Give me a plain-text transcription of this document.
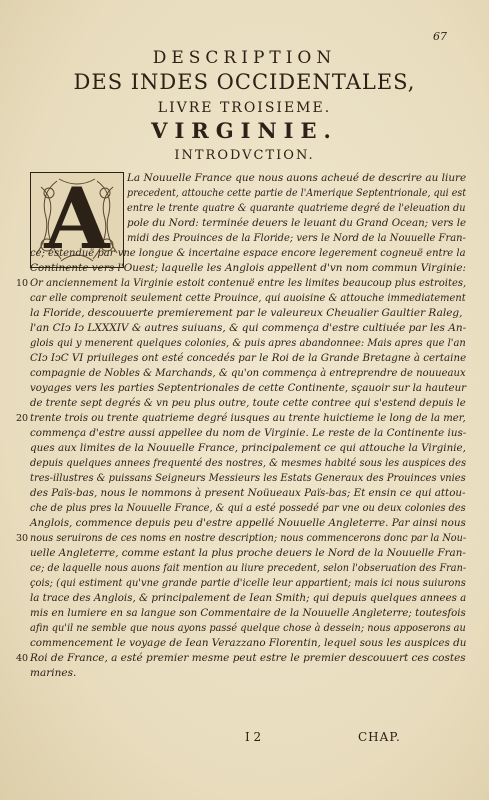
67
DESCRIPTION
DES INDES OCCIDENTALES,
LIVRE TROISIEME.
VIRGINIE.
INTRODVCTION.
A	La Nouuelle France que nous auons acheué de descrire au liure
precedent, attouche cette partie de l'Amerique Septentrionale, qui est
entre le trente quatre & quarante quatrieme degré de l'eleuation du
pole du Nord: terminée deuers le leuant du Grand Ocean; vers le
midi des Prouinces de la Floride; vers le Nord de la Nouuelle Fran-
ce; estenduë par vne longue & incertaine espace encore legerement cogneuë entre la
Continente vers l'Ouest; laquelle les Anglois appellent d'vn nom commun Virginie:
Or anciennement la Virginie estoit contenuë entre les limites beaucoup plus estroites,
car elle comprenoit seulement cette Prouince, qui auoisine & attouche immediatement
la Floride, descouuerte premierement par le valeureux Cheualier Gaultier Raleg,
l'an CIↄ Iↄ LXXXIV & autres suiuans, & qui commença d'estre cultiuée par les An-
glois qui y menerent quelques colonies, & puis apres abandonnee: Mais apres que l'an
CIↄ IↄC VI priuileges ont esté concedés par le Roi de la Grande Bretagne à certaine
compagnie de Nobles & Marchands, & qu'on commença à entreprendre de nouueaux
voyages vers les parties Septentrionales de cette Continente, sçauoir sur la hauteur
de trente sept degrés & vn peu plus outre, toute cette contree qui s'estend depuis le
trente trois ou trente quatrieme degré iusques au trente huictieme le long de la mer,
commença d'estre aussi appellee du nom de Virginie. Le reste de la Continente ius-
ques aux limites de la Nouuelle France, principalement ce qui attouche la Virginie,
depuis quelques annees frequenté des nostres, & mesmes habité sous les auspices des
tres-illustres & puissans Seigneurs Messieurs les Estats Generaux des Prouinces vnies
des Païs-bas, nous le nommons à present Noüueaux Païs-bas; Et ensin ce qui attou-
che de plus pres la Nouuelle France, & qui a esté possedé par vne ou deux colonies des
Anglois, commence depuis peu d'estre appellé Nouuelle Angleterre. Par ainsi nous
nous seruirons de ces noms en nostre description; nous commencerons donc par la Nou-
uelle Angleterre, comme estant la plus proche deuers le Nord de la Nouuelle Fran-
ce; de laquelle nous auons fait mention au liure precedent, selon l'obseruation des Fran-
çois; (qui estiment qu'vne grande partie d'icelle leur appartient; mais ici nous suiurons
la trace des Anglois, & principalement de Iean Smith; qui depuis quelques annees a
mis en lumiere en sa langue son Commentaire de la Nouuelle Angleterre; toutesfois
afin qu'il ne semble que nous ayons passé quelque chose à dessein; nous apposerons au
commencement le voyage de Iean Verazzano Florentin, lequel sous les auspices du
Roi de France, a esté premier mesme peut estre le premier descouuert ces costes
marines.
10
20
30
40
I 2	CHAP.
